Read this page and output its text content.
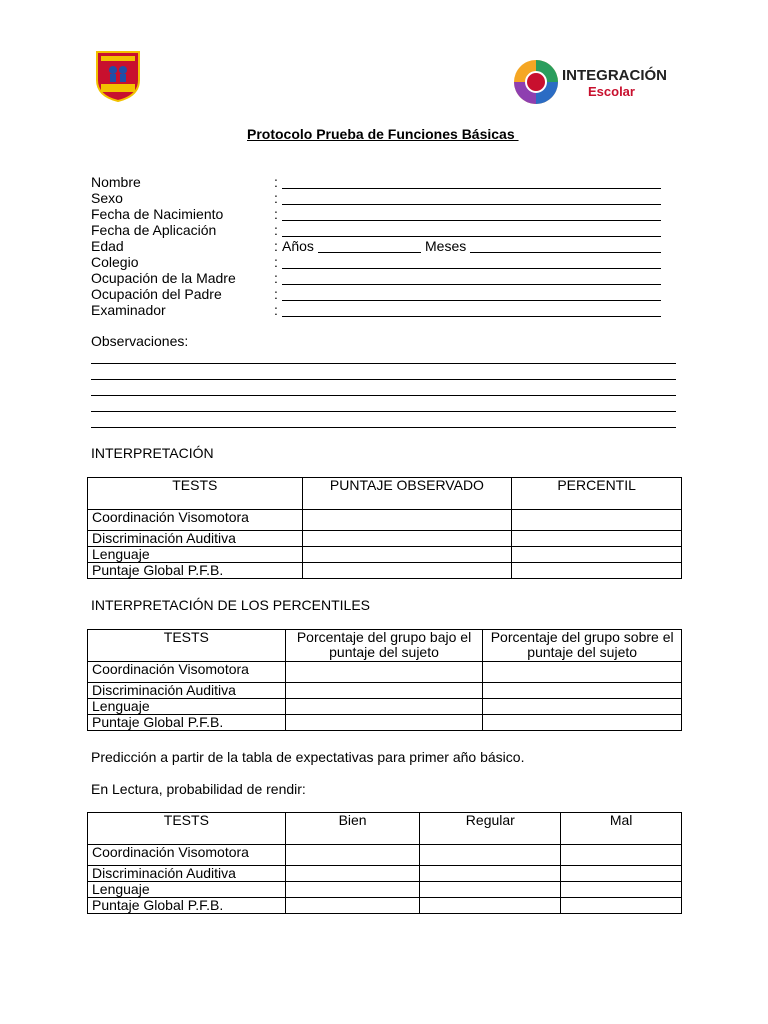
INTEGRACIÓN
Escolar
Protocolo Prueba de Funciones Básicas
Nombre	:
Sexo	:
Fecha de Nacimiento	:
Fecha de Aplicación	:
Edad	: Años	Meses
Colegio	:
Ocupación de la Madre	:
Ocupación del Padre	:
Examinador	:
Observaciones:
INTERPRETACIÓN
TESTS	PUNTAJE OBSERVADO	PERCENTIL
Coordinación Visomotora		
Discriminación Auditiva		
Lenguaje		
Puntaje Global P.F.B.		
INTERPRETACIÓN DE LOS PERCENTILES
TESTS	Porcentaje del grupo bajo el puntaje del sujeto	Porcentaje del grupo sobre el puntaje del sujeto
Coordinación Visomotora		
Discriminación Auditiva		
Lenguaje		
Puntaje Global P.F.B.		
Predicción a partir de la tabla de expectativas para primer año básico.
En Lectura, probabilidad de rendir:
TESTS	Bien	Regular	Mal
Coordinación Visomotora			
Discriminación Auditiva			
Lenguaje			
Puntaje Global P.F.B.			
